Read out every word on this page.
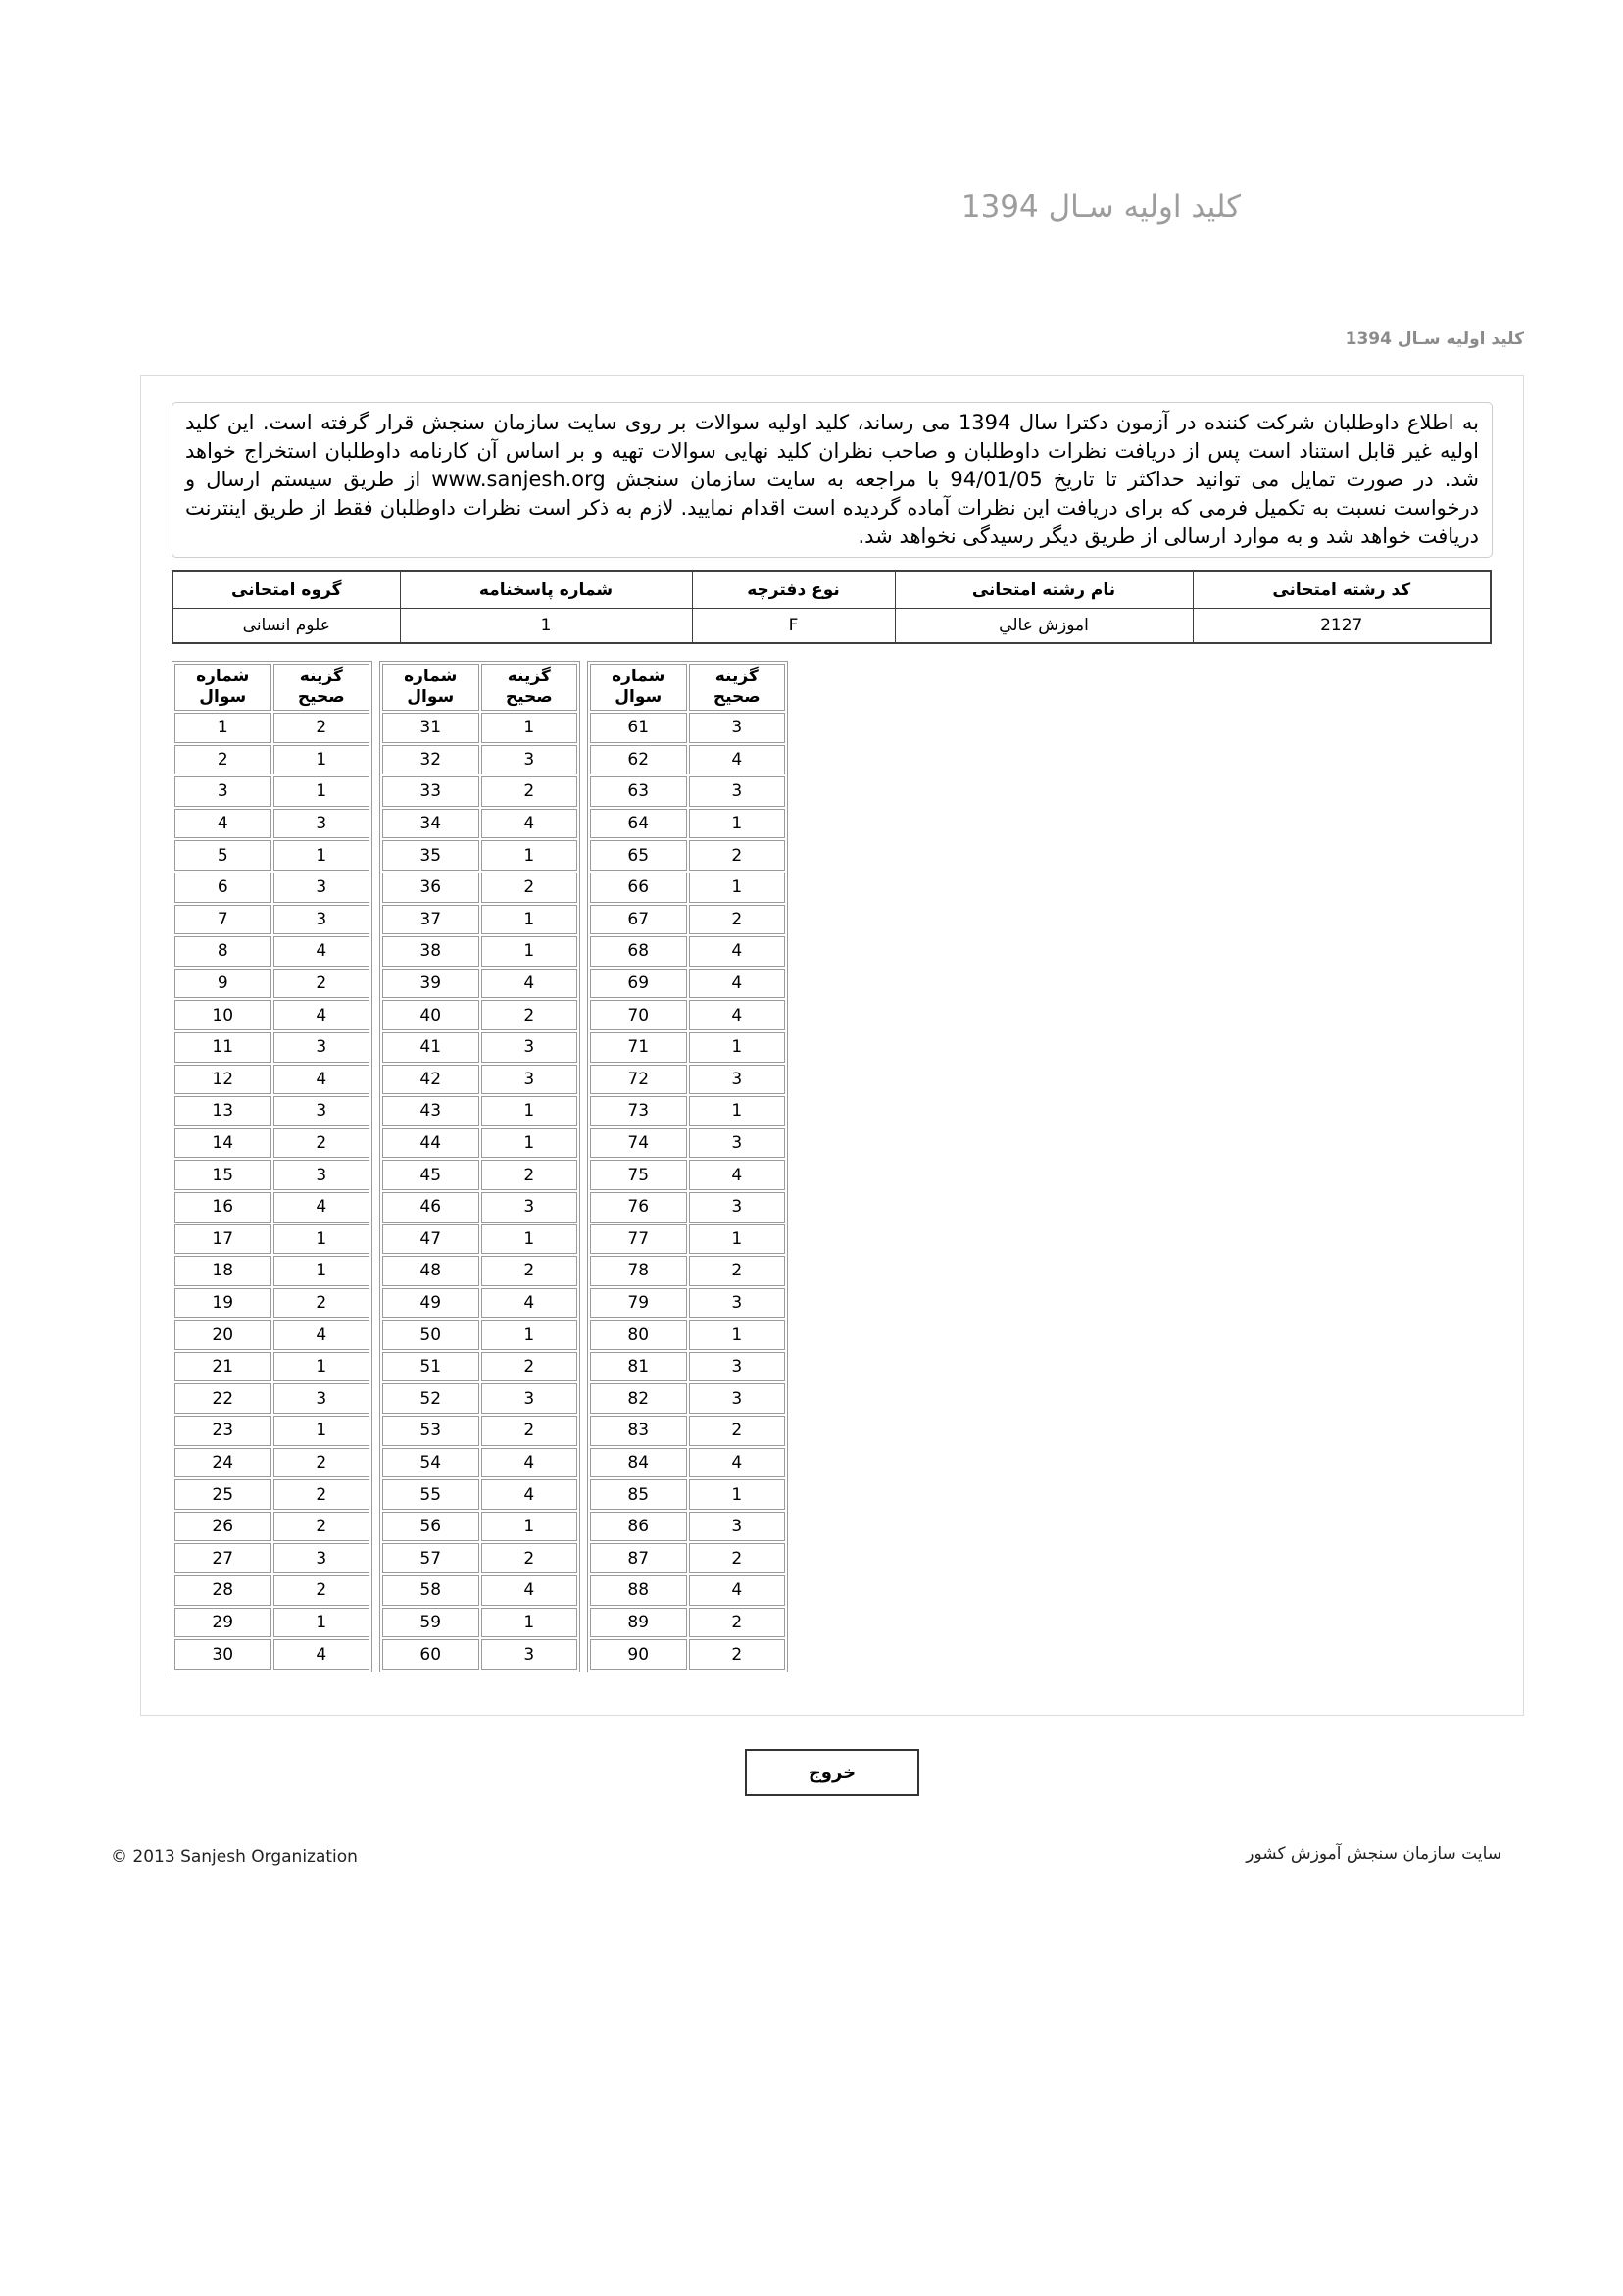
کلید اولیه سـال 1394
کلید اولیه سـال 1394
به اطلاع داوطلبان شرکت کننده در آزمون دکترا سال 1394 می رساند، کلید اولیه سوالات بر روی سایت سازمان سنجش قرار گرفته است. این کلید اولیه غیر قابل استناد است پس از دریافت نظرات داوطلبان و صاحب نظران کلید نهایی سوالات تهیه و بر اساس آن کارنامه داوطلبان استخراج خواهد شد. در صورت تمایل می توانید حداکثر تا تاریخ 94/01/05 با مراجعه به سایت سازمان سنجش www.sanjesh.org از طریق سیستم ارسال و درخواست نسبت به تکمیل فرمی که برای دریافت این نظرات آماده گردیده است اقدام نمایید. لازم به ذکر است نظرات داوطلبان فقط از طریق اینترنت دریافت خواهد شد و به موارد ارسالی از طریق دیگر رسیدگی نخواهد شد.
کد رشته امتحانی	نام رشته امتحانی	نوع دفترچه	شماره پاسخنامه	گروه امتحانی
2127	اموزش عالي	F	1	علوم انسانی
شماره
سوال

گزینه
صحیح

1	2
2	1
3	1
4	3
5	1
6	3
7	3
8	4
9	2
10	4
11	3
12	4
13	3
14	2
15	3
16	4
17	1
18	1
19	2
20	4
21	1
22	3
23	1
24	2
25	2
26	2
27	3
28	2
29	1
30	4
شماره
سوال

گزینه
صحیح

31	1
32	3
33	2
34	4
35	1
36	2
37	1
38	1
39	4
40	2
41	3
42	3
43	1
44	1
45	2
46	3
47	1
48	2
49	4
50	1
51	2
52	3
53	2
54	4
55	4
56	1
57	2
58	4
59	1
60	3
شماره
سوال

گزینه
صحیح

61	3
62	4
63	3
64	1
65	2
66	1
67	2
68	4
69	4
70	4
71	1
72	3
73	1
74	3
75	4
76	3
77	1
78	2
79	3
80	1
81	3
82	3
83	2
84	4
85	1
86	3
87	2
88	4
89	2
90	2
خروج
© 2013 Sanjesh Organization	سایت سازمان سنجش آموزش کشور
